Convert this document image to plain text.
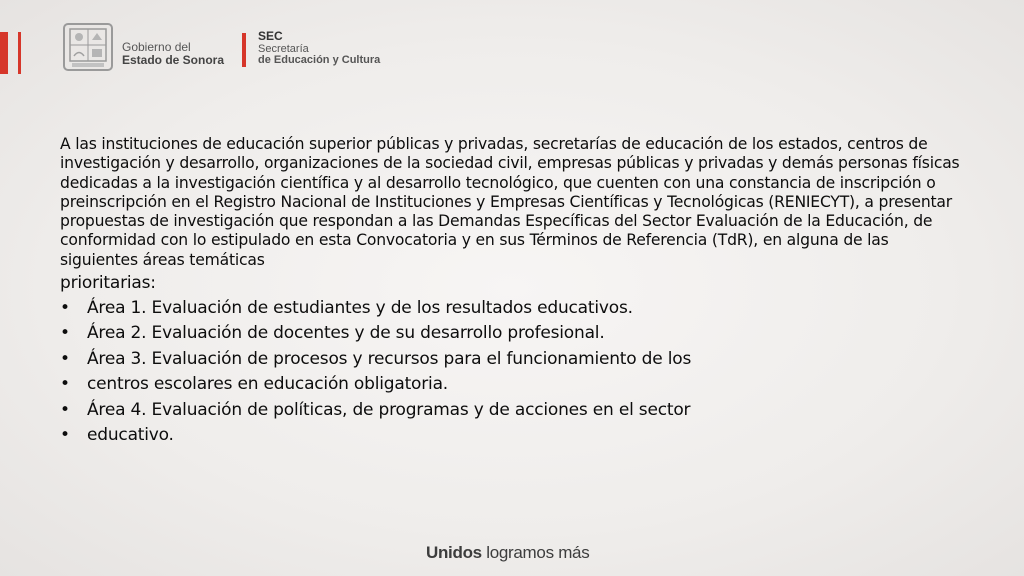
Gobierno del
Estado de Sonora
SEC
Secretaría
de Educación y Cultura
A las instituciones de educación superior públicas y privadas, secretarías de educación de los estados, centros de investigación y desarrollo, organizaciones de la sociedad civil, empresas públicas y privadas y demás personas físicas dedicadas a la investigación científica y al desarrollo tecnológico, que cuenten con una constancia de inscripción o preinscripción en el Registro Nacional de Instituciones y Empresas Científicas y Tecnológicas (RENIECYT), a presentar propuestas de investigación que respondan a las Demandas Específicas del Sector Evaluación de la Educación, de conformidad con lo estipulado en esta Convocatoria y en sus Términos de Referencia (TdR), en alguna de las siguientes áreas temáticas
prioritarias:
• Área 1. Evaluación de estudiantes y de los resultados educativos.
• Área 2. Evaluación de docentes y de su desarrollo profesional.
• Área 3. Evaluación de procesos y recursos para el funcionamiento de los
• centros escolares en educación obligatoria.
• Área 4. Evaluación de políticas, de programas y de acciones en el sector
• educativo.
Unidos logramos más
